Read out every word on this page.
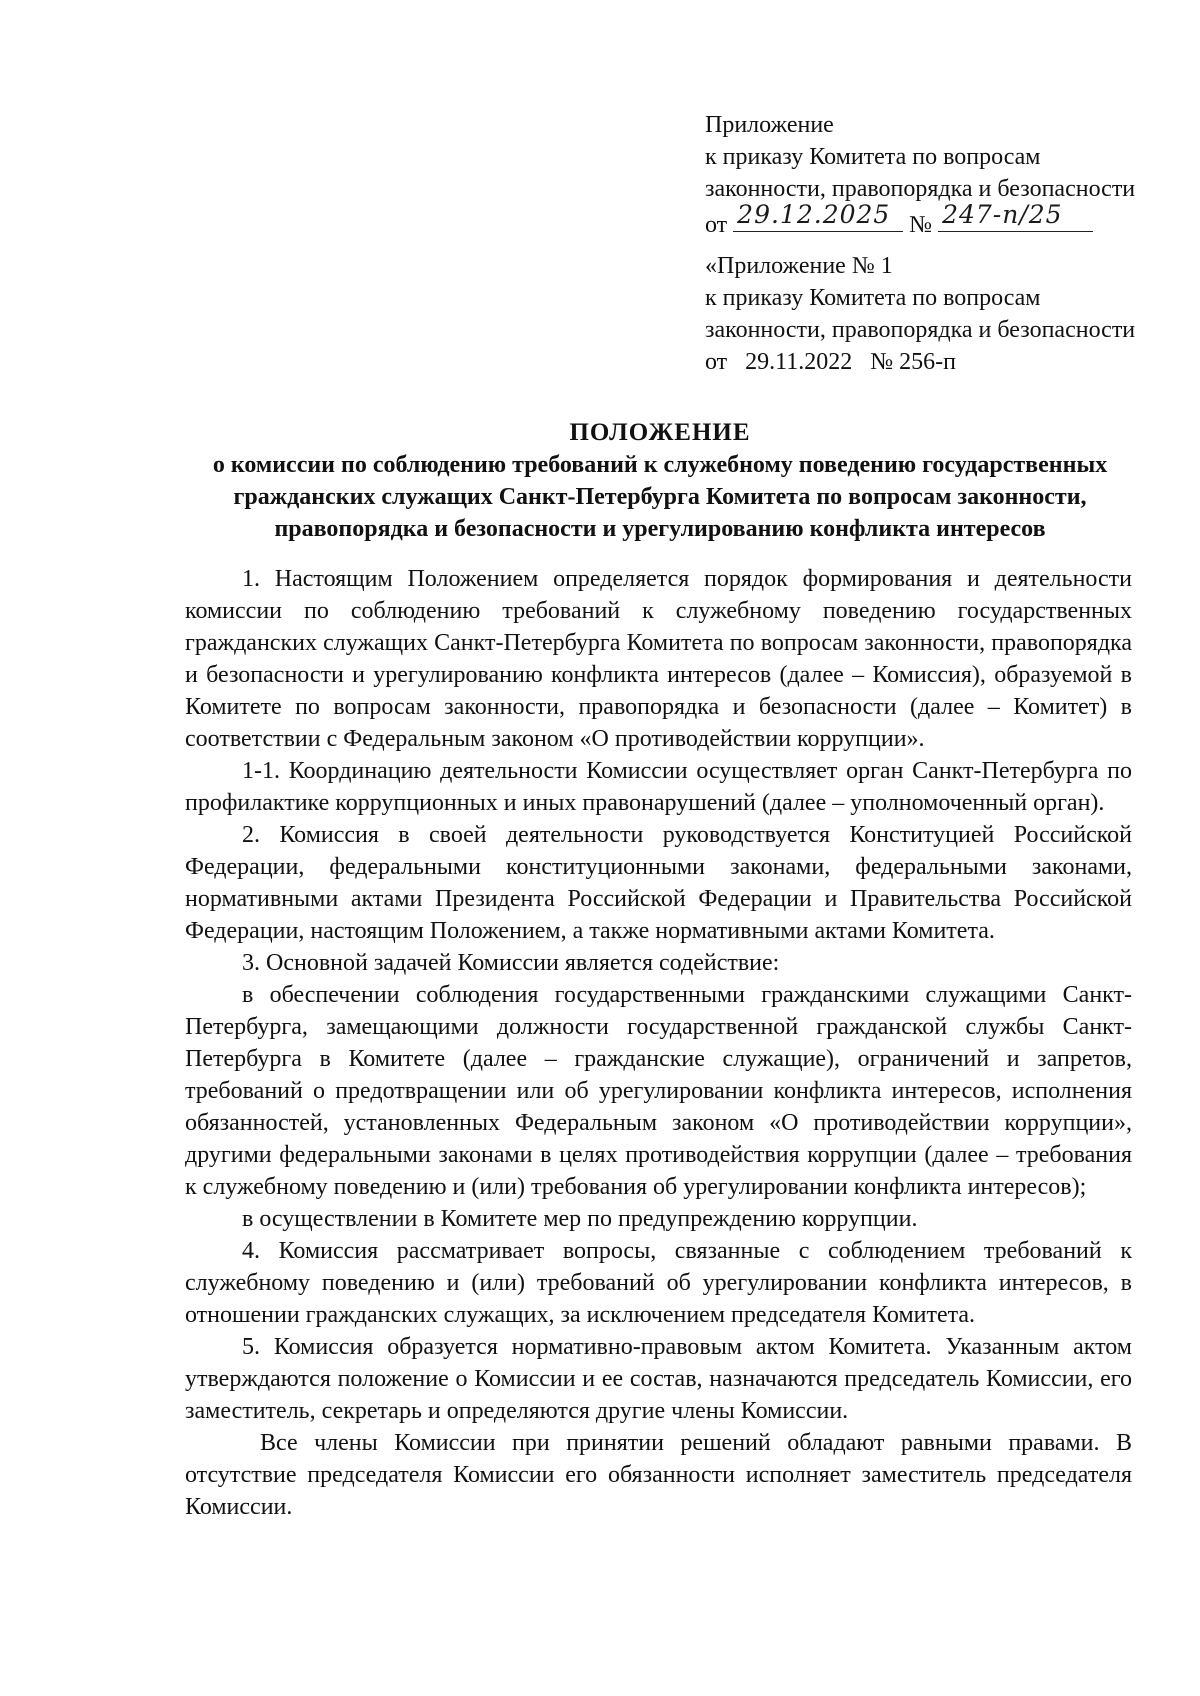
Приложение
к приказу Комитета по вопросам
законности, правопорядка и безопасности
от 29.12.2025 № 247-п/25
«Приложение № 1
к приказу Комитета по вопросам
законности, правопорядка и безопасности
от   29.11.2022   № 256-п
ПОЛОЖЕНИЕ
о комиссии по соблюдению требований к служебному поведению государственных гражданских служащих Санкт-Петербурга Комитета по вопросам законности, правопорядка и безопасности и урегулированию конфликта интересов

1. Настоящим Положением определяется порядок формирования и деятельности комиссии по соблюдению требований к служебному поведению государственных гражданских служащих Санкт-Петербурга Комитета по вопросам законности, правопорядка и безопасности и урегулированию конфликта интересов (далее – Комиссия), образуемой в Комитете по вопросам законности, правопорядка и безопасности (далее – Комитет) в соответствии с Федеральным законом «О противодействии коррупции».

1-1. Координацию деятельности Комиссии осуществляет орган Санкт-Петербурга по профилактике коррупционных и иных правонарушений (далее – уполномоченный орган).

2. Комиссия в своей деятельности руководствуется Конституцией Российской Федерации, федеральными конституционными законами, федеральными законами, нормативными актами Президента Российской Федерации и Правительства Российской Федерации, настоящим Положением, а также нормативными актами Комитета.

3. Основной задачей Комиссии является содействие:

в обеспечении соблюдения государственными гражданскими служащими Санкт-Петербурга, замещающими должности государственной гражданской службы Санкт-Петербурга в Комитете (далее – гражданские служащие), ограничений и запретов, требований о предотвращении или об урегулировании конфликта интересов, исполнения обязанностей, установленных Федеральным законом «О противодействии коррупции», другими федеральными законами в целях противодействия коррупции (далее – требования к служебному поведению и (или) требования об урегулировании конфликта интересов);

в осуществлении в Комитете мер по предупреждению коррупции.

4. Комиссия рассматривает вопросы, связанные с соблюдением требований к служебному поведению и (или) требований об урегулировании конфликта интересов, в отношении гражданских служащих, за исключением председателя Комитета.

5. Комиссия образуется нормативно-правовым актом Комитета. Указанным актом утверждаются положение о Комиссии и ее состав, назначаются председатель Комиссии, его заместитель, секретарь и определяются другие члены Комиссии.

Все члены Комиссии при принятии решений обладают равными правами. В отсутствие председателя Комиссии его обязанности исполняет заместитель председателя Комиссии.
